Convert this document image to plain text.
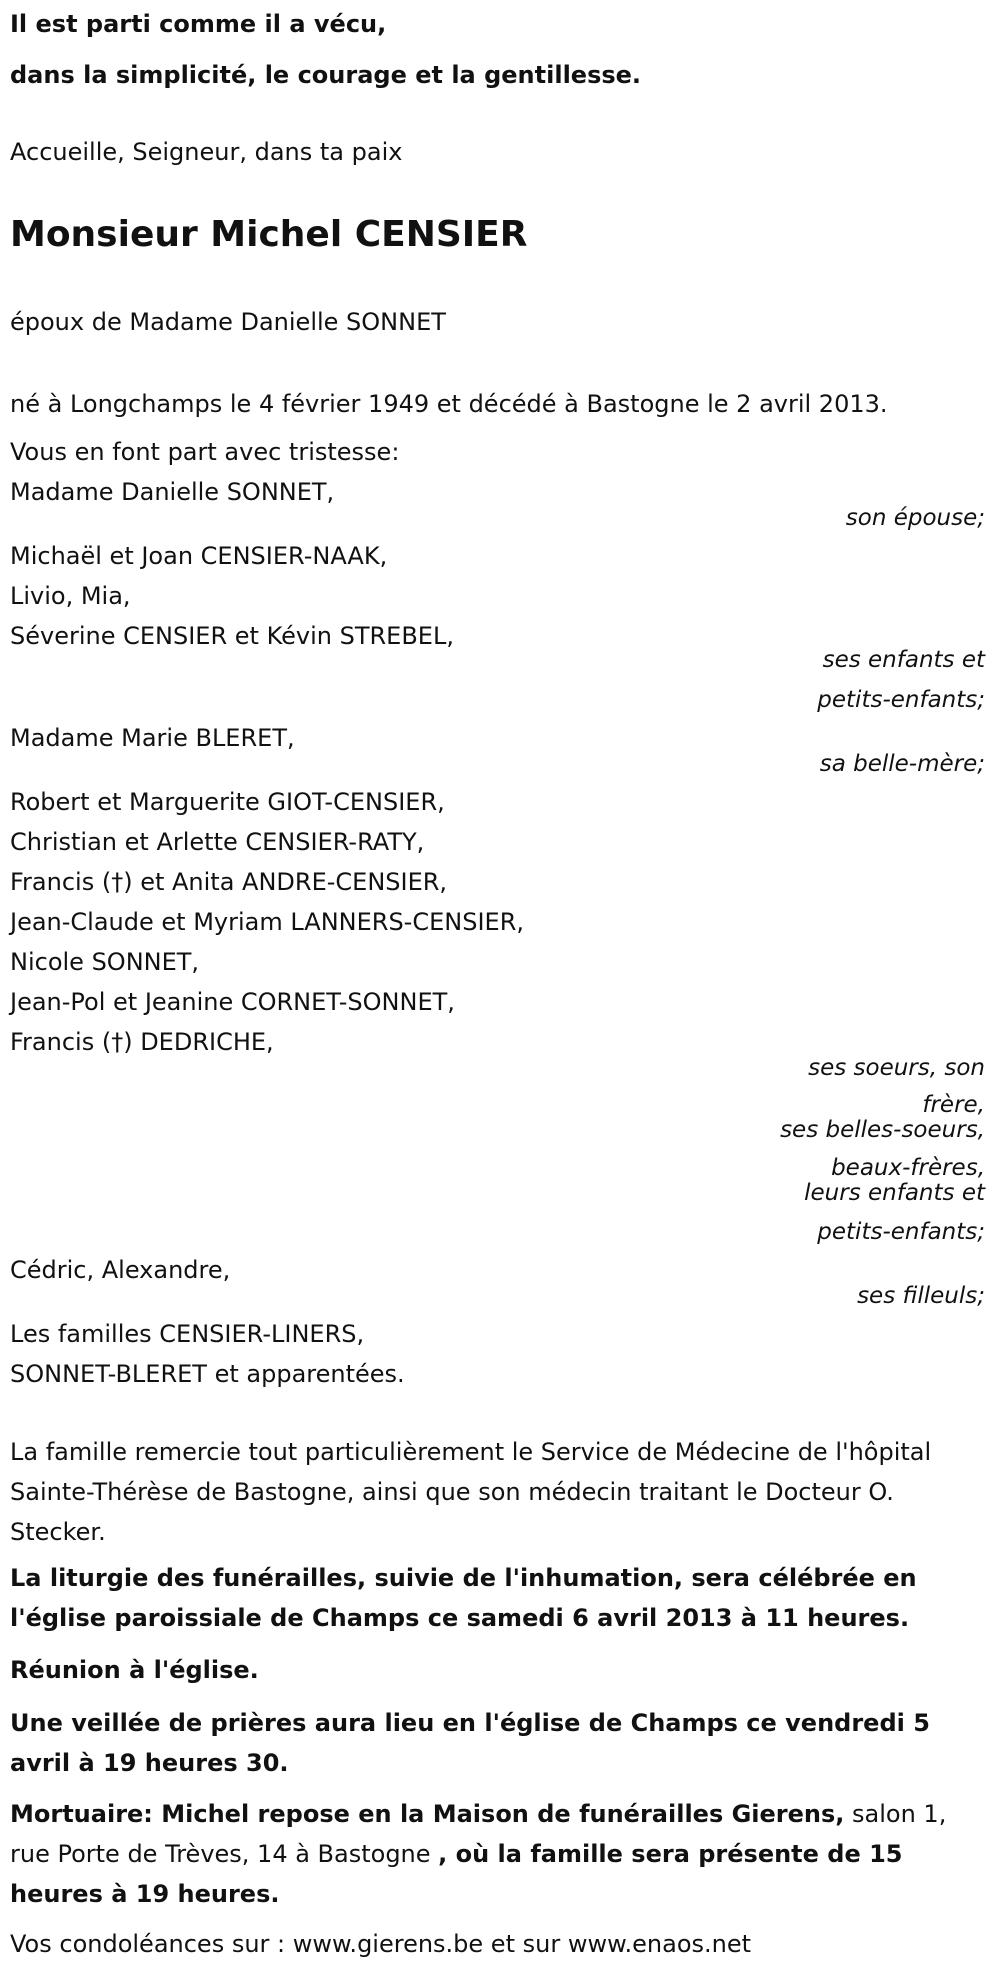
Il est parti comme il a vécu,
dans la simplicité, le courage et la gentillesse.
Accueille, Seigneur, dans ta paix
Monsieur Michel CENSIER
époux de Madame Danielle SONNET
né à Longchamps le 4 février 1949 et décédé à Bastogne le 2 avril 2013.
Vous en font part avec tristesse:
Madame Danielle SONNET,
son épouse;
Michaël et Joan CENSIER-NAAK,
Livio, Mia,
Séverine CENSIER et Kévin STREBEL,
ses enfants et
petits-enfants;
Madame Marie BLERET,
sa belle-mère;
Robert et Marguerite GIOT-CENSIER,
Christian et Arlette CENSIER-RATY,
Francis (†) et Anita ANDRE-CENSIER,
Jean-Claude et Myriam LANNERS-CENSIER,
Nicole SONNET,
Jean-Pol et Jeanine CORNET-SONNET,
Francis (†) DEDRICHE,
ses soeurs, son
frère,
ses belles-soeurs,
beaux-frères,
leurs enfants et
petits-enfants;
Cédric, Alexandre,
ses filleuls;
Les familles CENSIER-LINERS,
SONNET-BLERET et apparentées.
La famille remercie tout particulièrement le Service de Médecine de l'hôpital Sainte-Thérèse de Bastogne, ainsi que son médecin traitant le Docteur O. Stecker.
La liturgie des funérailles, suivie de l'inhumation, sera célébrée en l'église paroissiale de Champs ce samedi 6 avril 2013 à 11 heures.
Réunion à l'église.
Une veillée de prières aura lieu en l'église de Champs ce vendredi 5 avril à 19 heures 30.
Mortuaire: Michel repose en la Maison de funérailles Gierens, salon 1, rue Porte de Trèves, 14 à Bastogne , où la famille sera présente de 15 heures à 19 heures.
Vos condoléances sur : www.gierens.be et sur www.enaos.net
